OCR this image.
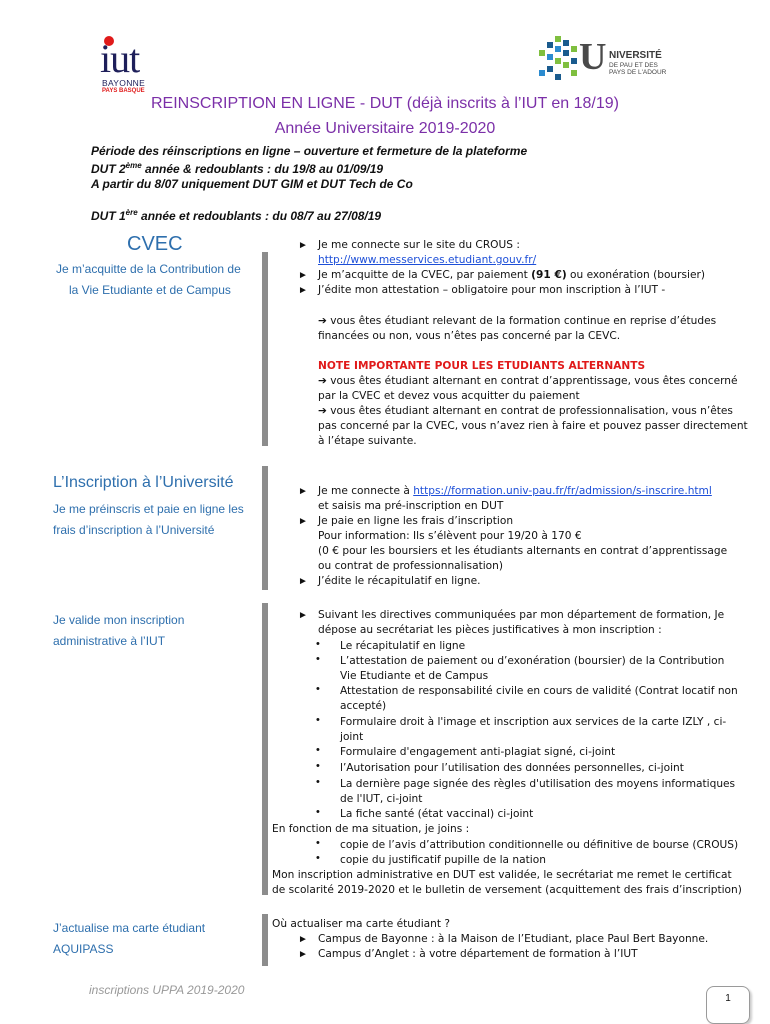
iut
BAYONNE
PAYS BASQUE
U NIVERSITÉ
DE PAU ET DES
PAYS DE L'ADOUR
REINSCRIPTION EN LIGNE - DUT (déjà inscrits à l’IUT en 18/19)
Année Universitaire 2019-2020
Période des réinscriptions en ligne – ouverture et fermeture de la plateforme
DUT 2ème année & redoublants : du 19/8 au 01/09/19
A partir du 8/07 uniquement DUT GIM et DUT Tech de Co
DUT 1ère année et redoublants : du 08/7 au 27/08/19
CVEC
Je m’acquitte de la Contribution de
la Vie Etudiante et de Campus
► Je me connecte sur le site du CROUS :
http://www.messervices.etudiant.gouv.fr/
► Je m’acquitte de la CVEC, par paiement (91 €) ou exonération (boursier)
► J’édite mon attestation – obligatoire pour mon inscription à l’IUT -
➔ vous êtes étudiant relevant de la formation continue en reprise d’études
financées ou non, vous n’êtes pas concerné par la CEVC.
NOTE IMPORTANTE POUR LES ETUDIANTS ALTERNANTS
➔ vous êtes étudiant alternant en contrat d’apprentissage, vous êtes concerné
par la CVEC et devez vous acquitter du paiement
➔ vous êtes étudiant alternant en contrat de professionnalisation, vous n’êtes
pas concerné par la CVEC, vous n’avez rien à faire et pouvez passer directement
à l’étape suivante.
L’Inscription à l’Université
Je me préinscris et paie en ligne les
frais d’inscription à l’Université
► Je me connecte à https://formation.univ-pau.fr/fr/admission/s-inscrire.html
et saisis ma pré-inscription en DUT
► Je paie en ligne les frais d’inscription
Pour information: Ils s’élèvent pour 19/20 à 170 €
(0 € pour les boursiers et les étudiants alternants en contrat d’apprentissage
ou contrat de professionnalisation)
► J’édite le récapitulatif en ligne.
Je valide mon inscription
administrative à l’IUT
► Suivant les directives communiquées par mon département de formation, Je
dépose au secrétariat les pièces justificatives à mon inscription :
• Le récapitulatif en ligne
• L’attestation de paiement ou d’exonération (boursier) de la Contribution
Vie Etudiante et de Campus
• Attestation de responsabilité civile en cours de validité (Contrat locatif non
accepté)
• Formulaire droit à l'image et inscription aux services de la carte IZLY , ci-
joint
• Formulaire d'engagement anti-plagiat signé, ci-joint
• l’Autorisation pour l’utilisation des données personnelles, ci-joint
• La dernière page signée des règles d'utilisation des moyens informatiques
de l'IUT, ci-joint
• La fiche santé (état vaccinal) ci-joint
En fonction de ma situation, je joins :
• copie de l’avis d’attribution conditionnelle ou définitive de bourse (CROUS)
• copie du justificatif pupille de la nation
Mon inscription administrative en DUT est validée, le secrétariat me remet le certificat
de scolarité 2019-2020 et le bulletin de versement (acquittement des frais d’inscription)
J’actualise ma carte étudiant
AQUIPASS
Où actualiser ma carte étudiant ?
► Campus de Bayonne : à la Maison de l’Etudiant, place Paul Bert Bayonne.
► Campus d’Anglet : à votre département de formation à l’IUT
inscriptions UPPA 2019-2020
1
